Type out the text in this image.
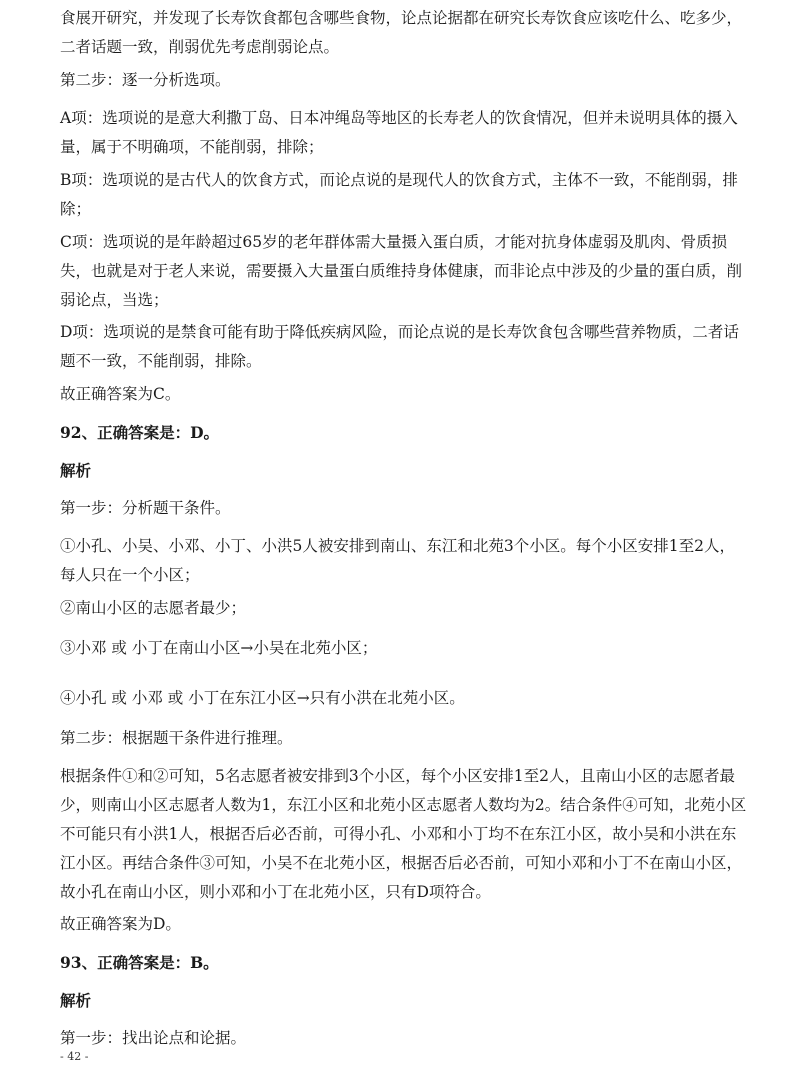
食展开研究，并发现了长寿饮食都包含哪些食物，论点论据都在研究长寿饮食应该吃什么、吃多少，二者话题一致，削弱优先考虑削弱论点。

第二步：逐一分析选项。

A项：选项说的是意大利撒丁岛、日本冲绳岛等地区的长寿老人的饮食情况，但并未说明具体的摄入量，属于不明确项，不能削弱，排除；

B项：选项说的是古代人的饮食方式，而论点说的是现代人的饮食方式，主体不一致，不能削弱，排除；

C项：选项说的是年龄超过65岁的老年群体需大量摄入蛋白质，才能对抗身体虚弱及肌肉、骨质损失，也就是对于老人来说，需要摄入大量蛋白质维持身体健康，而非论点中涉及的少量的蛋白质，削弱论点，当选；

D项：选项说的是禁食可能有助于降低疾病风险，而论点说的是长寿饮食包含哪些营养物质，二者话题不一致，不能削弱，排除。

故正确答案为C。

92、正确答案是：D。

解析

第一步：分析题干条件。

①小孔、小吴、小邓、小丁、小洪5人被安排到南山、东江和北苑3个小区。每个小区安排1至2人，每人只在一个小区；

②南山小区的志愿者最少；

③小邓 或 小丁在南山小区→小吴在北苑小区；

④小孔 或 小邓 或 小丁在东江小区→只有小洪在北苑小区。

第二步：根据题干条件进行推理。

根据条件①和②可知，5名志愿者被安排到3个小区，每个小区安排1至2人，且南山小区的志愿者最少，则南山小区志愿者人数为1，东江小区和北苑小区志愿者人数均为2。结合条件④可知，北苑小区不可能只有小洪1人，根据否后必否前，可得小孔、小邓和小丁均不在东江小区，故小吴和小洪在东江小区。再结合条件③可知，小吴不在北苑小区，根据否后必否前，可知小邓和小丁不在南山小区，故小孔在南山小区，则小邓和小丁在北苑小区，只有D项符合。

故正确答案为D。

93、正确答案是：B。

解析

第一步：找出论点和论据。

- 42 -
